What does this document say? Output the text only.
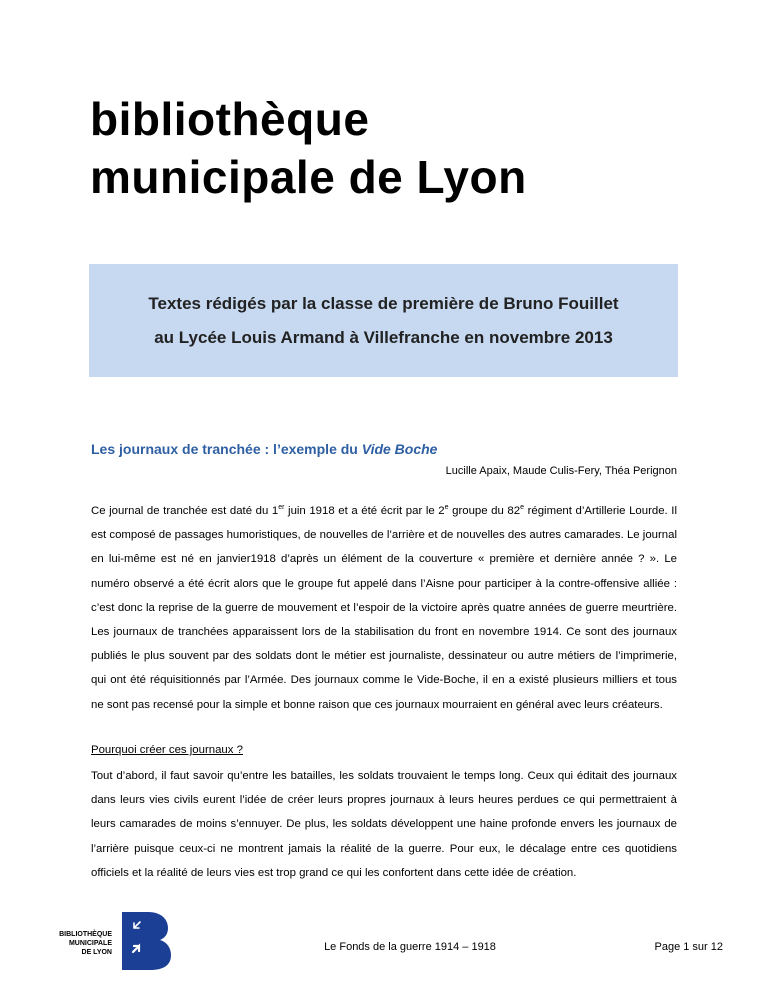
bibliothèque
municipale de Lyon
Textes rédigés par la classe de première de Bruno Fouillet
au Lycée Louis Armand à Villefranche en novembre 2013
Les journaux de tranchée : l’exemple du Vide Boche
Lucille Apaix, Maude Culis-Fery, Théa Perignon

Ce journal de tranchée est daté du 1er juin 1918 et a été écrit par le 2e groupe du 82e régiment d’Artillerie Lourde. Il est composé de passages humoristiques, de nouvelles de l’arrière et de nouvelles des autres camarades. Le journal en lui-même est né en janvier1918 d’après un élément de la couverture « première et dernière année ? ». Le numéro observé a été écrit alors que le groupe fut appelé dans l’Aisne pour participer à la contre-offensive alliée : c’est donc la reprise de la guerre de mouvement et l’espoir de la victoire après quatre années de guerre meurtrière. Les journaux de tranchées apparaissent lors de la stabilisation du front en novembre 1914. Ce sont des journaux publiés le plus souvent par des soldats dont le métier est journaliste, dessinateur ou autre métiers de l’imprimerie, qui ont été réquisitionnés par l’Armée. Des journaux comme le Vide-Boche, il en a existé plusieurs milliers et tous ne sont pas recensé pour la simple et bonne raison que ces journaux mourraient en général avec leurs créateurs.

Pourquoi créer ces journaux ?

Tout d’abord, il faut savoir qu’entre les batailles, les soldats trouvaient le temps long. Ceux qui éditait des journaux dans leurs vies civils eurent l’idée de créer leurs propres journaux à leurs heures perdues ce qui permettraient à leurs camarades de moins s’ennuyer. De plus, les soldats développent une haine profonde envers les journaux de l’arrière puisque ceux-ci ne montrent jamais la réalité de la guerre. Pour eux, le décalage entre ces quotidiens officiels et la réalité de leurs vies est trop grand ce qui les confortent dans cette idée de création.

BIBLIOTHÈQUE
MUNICIPALE
DE LYON	Le Fonds de la guerre 1914 – 1918	Page 1 sur 12
